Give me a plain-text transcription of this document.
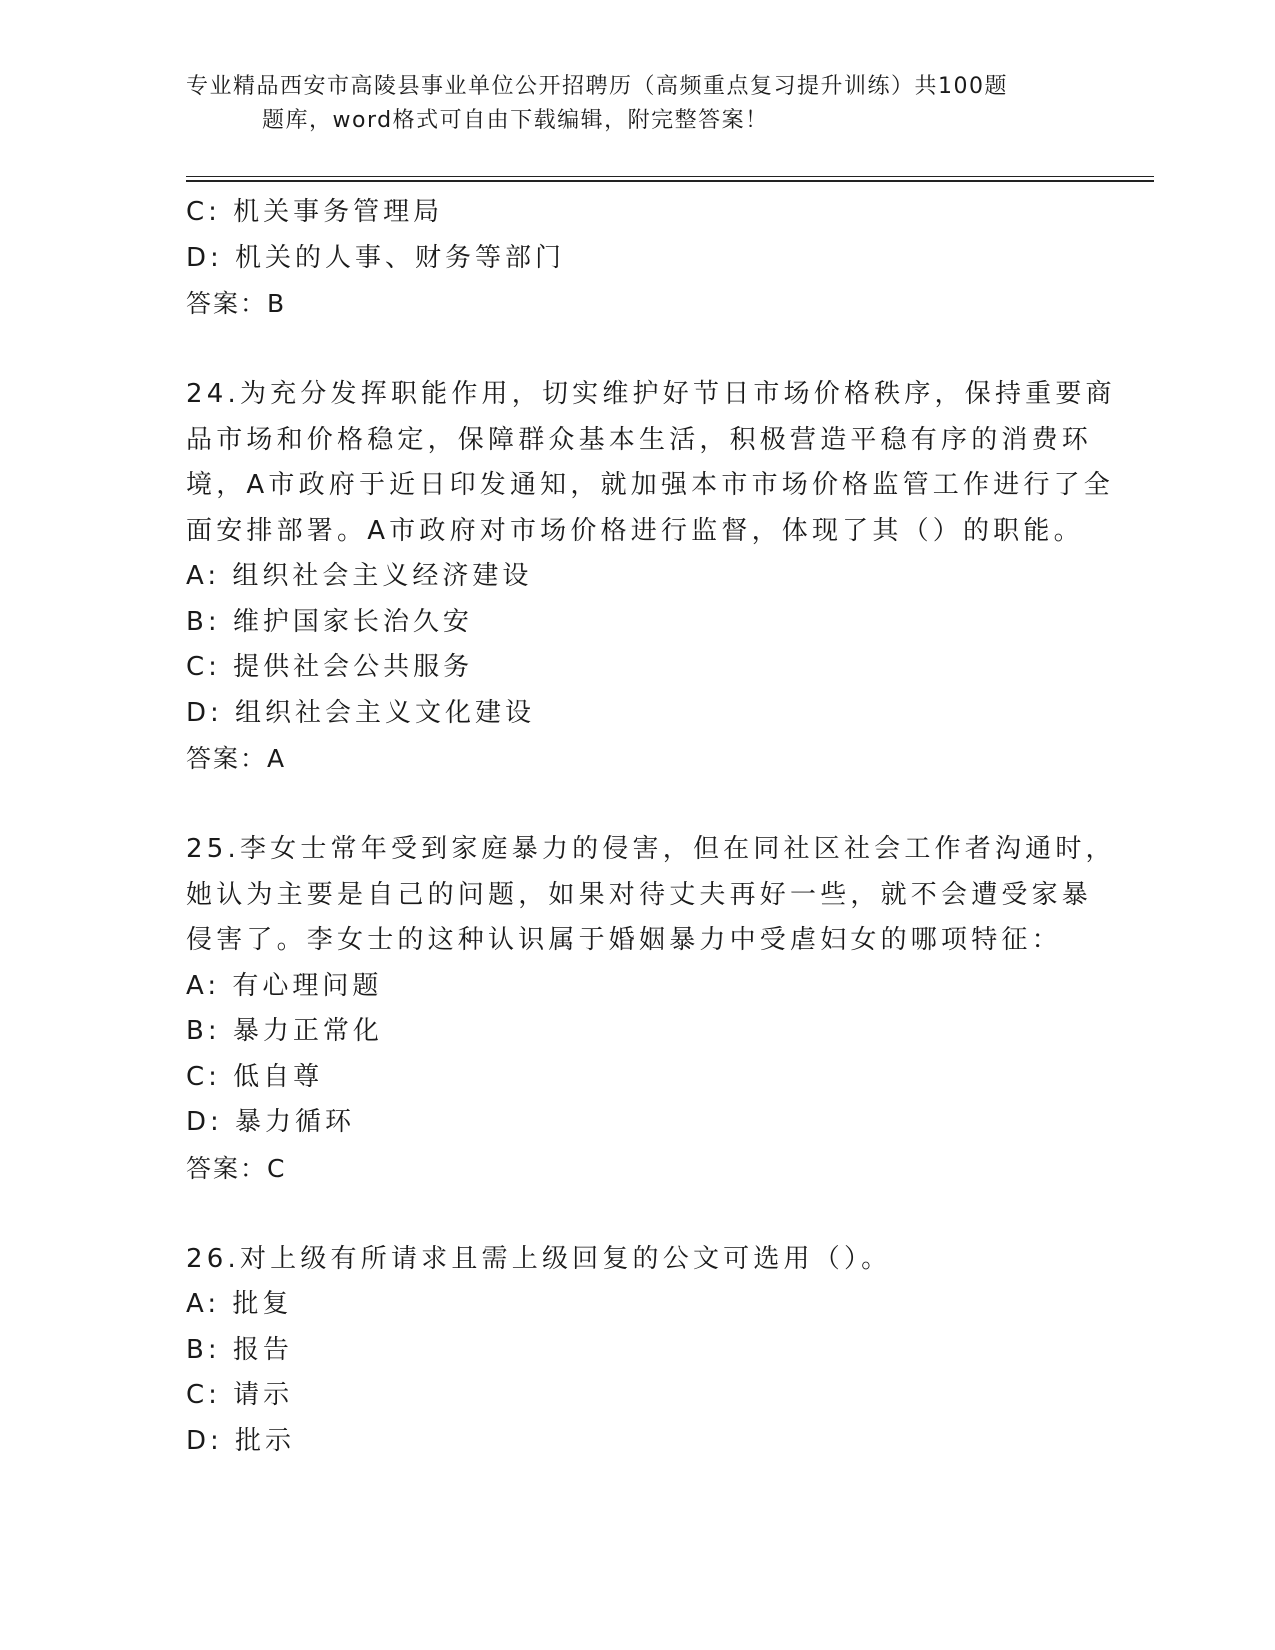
专业精品西安市高陵县事业单位公开招聘历（高频重点复习提升训练）共100题
题库，word格式可自由下载编辑，附完整答案！
C: 机关事务管理局
D: 机关的人事、财务等部门
答案：B
24.为充分发挥职能作用，切实维护好节日市场价格秩序，保持重要商
品市场和价格稳定，保障群众基本生活，积极营造平稳有序的消费环
境，A市政府于近日印发通知，就加强本市市场价格监管工作进行了全
面安排部署。A市政府对市场价格进行监督，体现了其（）的职能。
A: 组织社会主义经济建设
B: 维护国家长治久安
C: 提供社会公共服务
D: 组织社会主义文化建设
答案：A
25.李女士常年受到家庭暴力的侵害，但在同社区社会工作者沟通时，
她认为主要是自己的问题，如果对待丈夫再好一些，就不会遭受家暴
侵害了。李女士的这种认识属于婚姻暴力中受虐妇女的哪项特征：
A: 有心理问题
B: 暴力正常化
C: 低自尊
D: 暴力循环
答案：C
26.对上级有所请求且需上级回复的公文可选用（）。
A: 批复
B: 报告
C: 请示
D: 批示
